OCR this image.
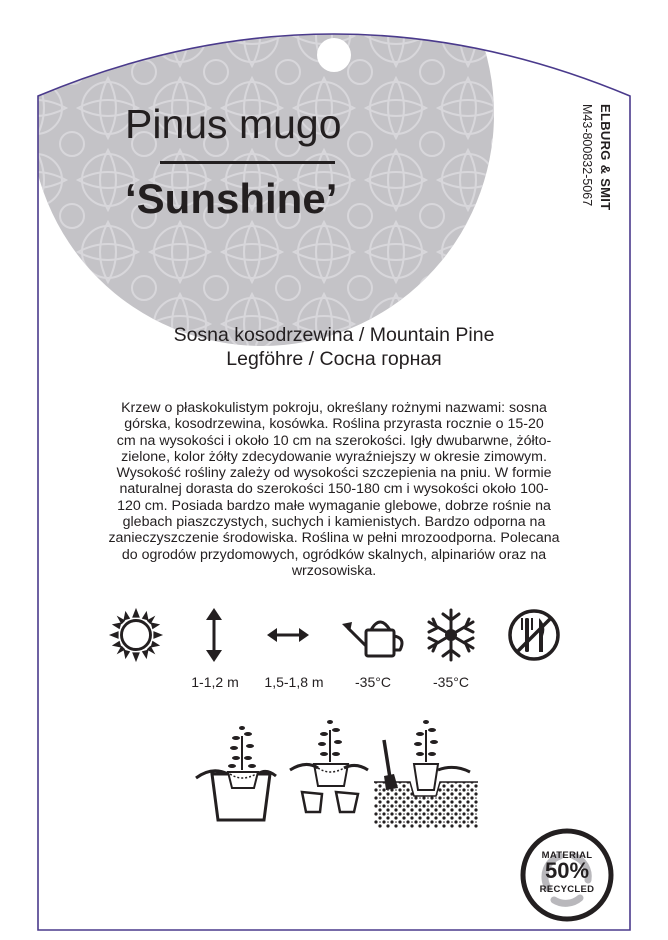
Pinus mugo
‘Sunshine’	ELBURG & SMIT
M43-800832-5067
Sosna kosodrzewina / Mountain Pine
Legföhre / Сосна горная
Krzew o płaskokulistym pokroju, określany rożnymi nazwami: sosna
górska, kosodrzewina, kosówka. Roślina przyrasta rocznie o 15-20
cm na wysokości i około 10 cm na szerokości. Igły dwubarwne, żółto-
zielone, kolor żółty zdecydowanie wyraźniejszy w okresie zimowym.
Wysokość rośliny zależy od wysokości szczepienia na pniu. W formie
naturalnej dorasta do szerokości 150-180 cm i wysokości około 100-
120 cm. Posiada bardzo małe wymaganie glebowe, dobrze rośnie na
glebach piaszczystych, suchych i kamienistych. Bardzo odporna na
zanieczyszczenie środowiska. Roślina w pełni mrozoodporna. Polecana
do ogrodów przydomowych, ogródków skalnych, alpinariów oraz na
wrzosowiska.
1-1,2 m	1,5-1,8 m	-35°C	-35°C
MATERIAL
50%
RECYCLED
